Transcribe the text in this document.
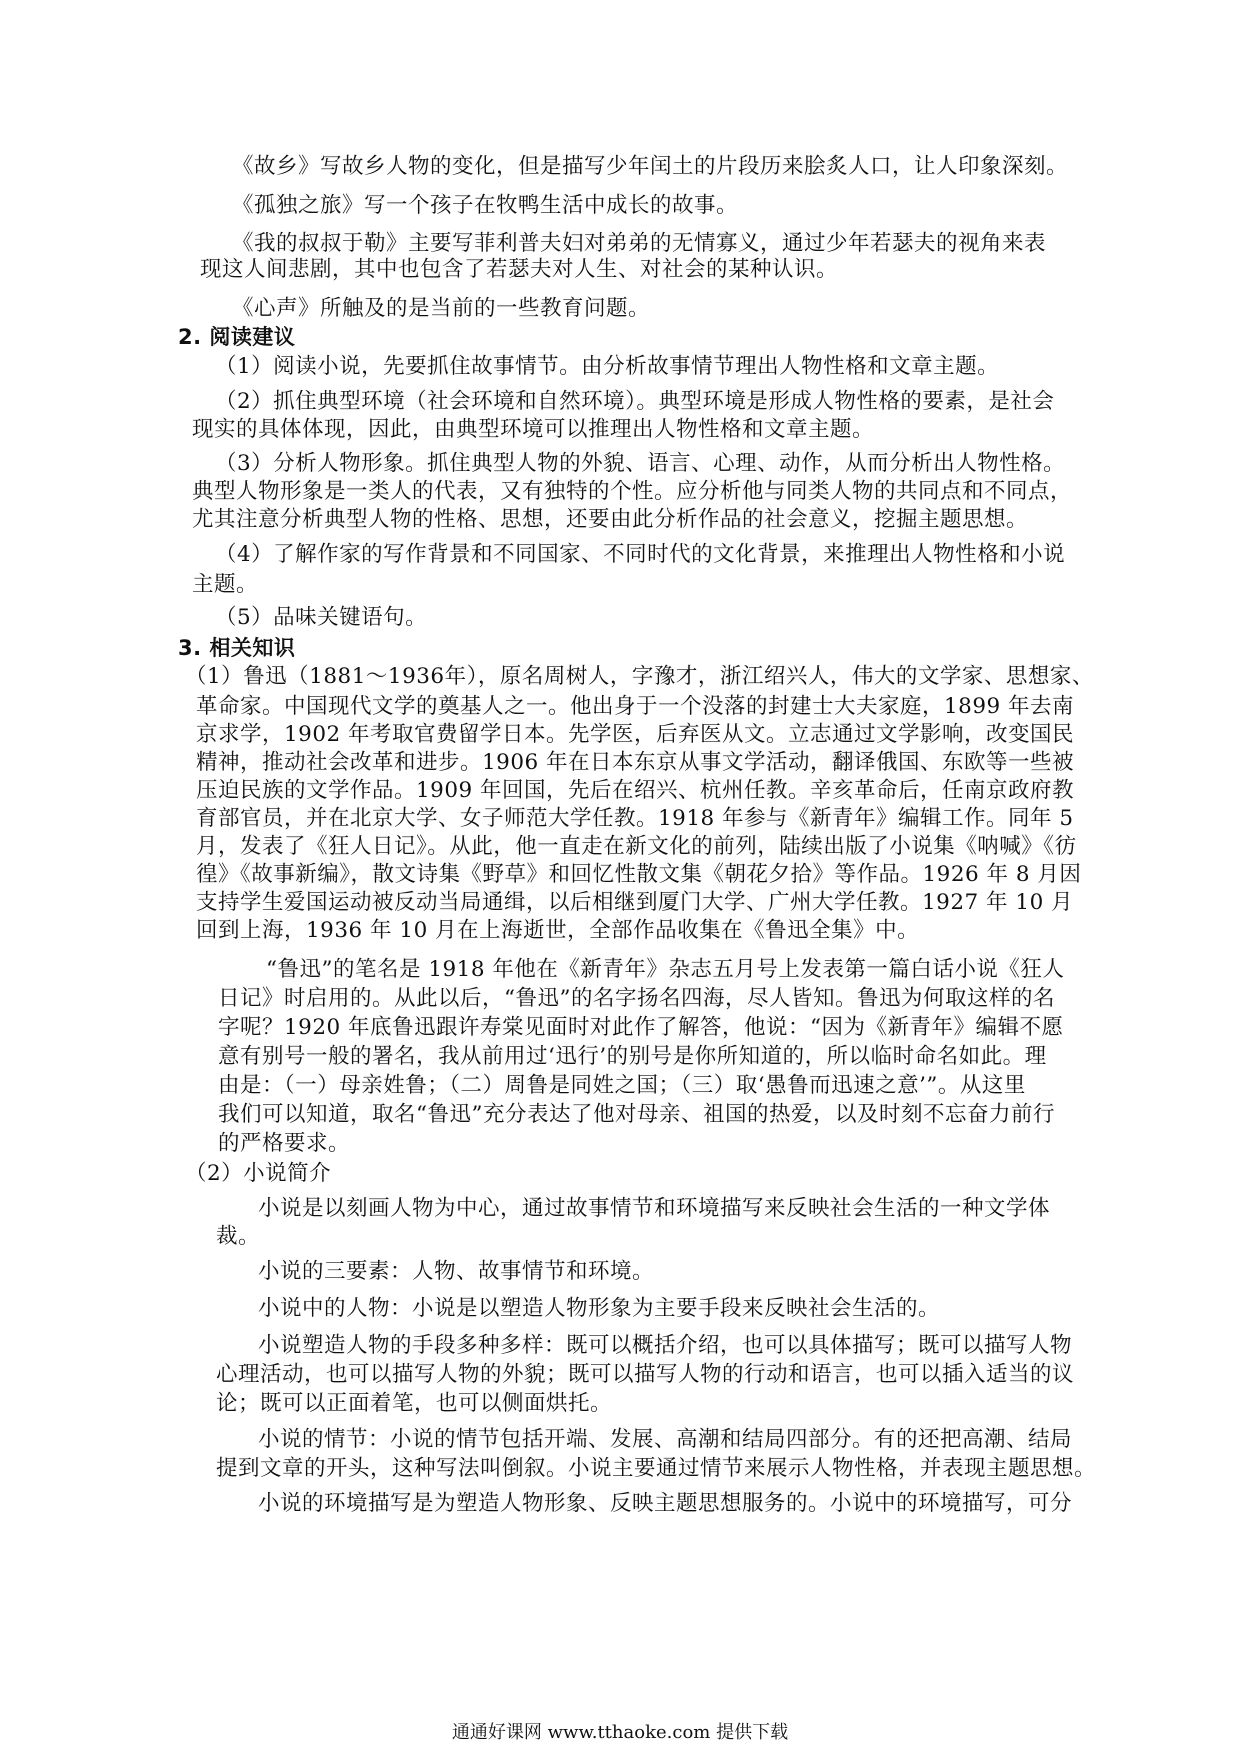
《故乡》写故乡人物的变化，但是描写少年闰土的片段历来脍炙人口，让人印象深刻。
《孤独之旅》写一个孩子在牧鸭生活中成长的故事。
《我的叔叔于勒》主要写菲利普夫妇对弟弟的无情寡义，通过少年若瑟夫的视角来表
现这人间悲剧，其中也包含了若瑟夫对人生、对社会的某种认识。
《心声》所触及的是当前的一些教育问题。
2. 阅读建议
（1）阅读小说，先要抓住故事情节。由分析故事情节理出人物性格和文章主题。
（2）抓住典型环境（社会环境和自然环境）。典型环境是形成人物性格的要素，是社会
现实的具体体现，因此，由典型环境可以推理出人物性格和文章主题。
（3）分析人物形象。抓住典型人物的外貌、语言、心理、动作，从而分析出人物性格。
典型人物形象是一类人的代表，又有独特的个性。应分析他与同类人物的共同点和不同点，
尤其注意分析典型人物的性格、思想，还要由此分析作品的社会意义，挖掘主题思想。
（4）了解作家的写作背景和不同国家、不同时代的文化背景，来推理出人物性格和小说
主题。
（5）品味关键语句。
3. 相关知识
（1）鲁迅（1881～1936年），原名周树人，字豫才，浙江绍兴人，伟大的文学家、思想家、
革命家。中国现代文学的奠基人之一。他出身于一个没落的封建士大夫家庭，1899 年去南
京求学，1902 年考取官费留学日本。先学医，后弃医从文。立志通过文学影响，改变国民
精神，推动社会改革和进步。1906 年在日本东京从事文学活动，翻译俄国、东欧等一些被
压迫民族的文学作品。1909 年回国，先后在绍兴、杭州任教。辛亥革命后，任南京政府教
育部官员，并在北京大学、女子师范大学任教。1918 年参与《新青年》编辑工作。同年 5
月，发表了《狂人日记》。从此，他一直走在新文化的前列，陆续出版了小说集《呐喊》《彷
徨》《故事新编》，散文诗集《野草》和回忆性散文集《朝花夕拾》等作品。1926 年 8 月因
支持学生爱国运动被反动当局通缉，以后相继到厦门大学、广州大学任教。1927 年 10 月
回到上海，1936 年 10 月在上海逝世，全部作品收集在《鲁迅全集》中。
“鲁迅”的笔名是 1918 年他在《新青年》杂志五月号上发表第一篇白话小说《狂人
日记》时启用的。从此以后，“鲁迅”的名字扬名四海，尽人皆知。鲁迅为何取这样的名
字呢？1920 年底鲁迅跟许寿棠见面时对此作了解答，他说：“因为《新青年》编辑不愿
意有别号一般的署名，我从前用过‘迅行’的别号是你所知道的，所以临时命名如此。理
由是：（一）母亲姓鲁；（二）周鲁是同姓之国；（三）取‘愚鲁而迅速之意’”。从这里
我们可以知道，取名“鲁迅”充分表达了他对母亲、祖国的热爱，以及时刻不忘奋力前行
的严格要求。
（2）小说简介
小说是以刻画人物为中心，通过故事情节和环境描写来反映社会生活的一种文学体
裁。
小说的三要素：人物、故事情节和环境。
小说中的人物：小说是以塑造人物形象为主要手段来反映社会生活的。
小说塑造人物的手段多种多样：既可以概括介绍，也可以具体描写；既可以描写人物
心理活动，也可以描写人物的外貌；既可以描写人物的行动和语言，也可以插入适当的议
论；既可以正面着笔，也可以侧面烘托。
小说的情节：小说的情节包括开端、发展、高潮和结局四部分。有的还把高潮、结局
提到文章的开头，这种写法叫倒叙。小说主要通过情节来展示人物性格，并表现主题思想。
小说的环境描写是为塑造人物形象、反映主题思想服务的。小说中的环境描写，可分
通通好课网 www.tthaoke.com 提供下载
